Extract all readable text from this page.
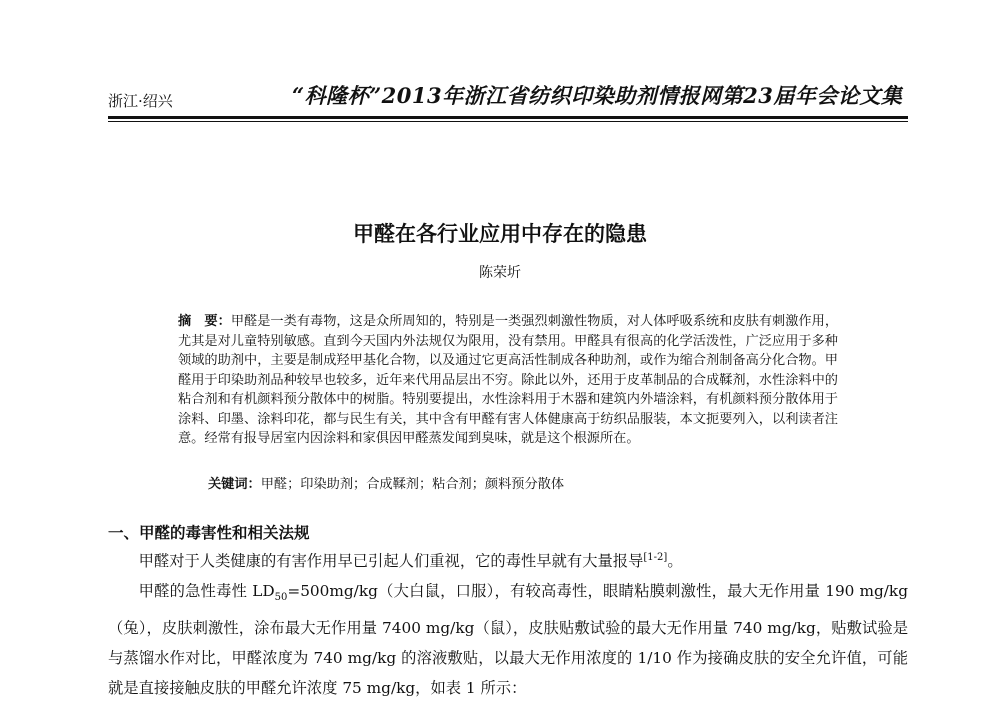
浙江·绍兴	“科隆杯”2013年浙江省纺织印染助剂情报网第23届年会论文集
甲醛在各行业应用中存在的隐患
陈荣圻
摘　要：甲醛是一类有毒物，这是众所周知的，特别是一类强烈刺激性物质，对人体呼吸系统和皮肤有刺激作用，尤其是对儿童特别敏感。直到今天国内外法规仅为限用，没有禁用。甲醛具有很高的化学活泼性，广泛应用于多种领域的助剂中，主要是制成羟甲基化合物，以及通过它更高活性制成各种助剂，或作为缩合剂制备高分化合物。甲醛用于印染助剂品种较早也较多，近年来代用品层出不穷。除此以外，还用于皮革制品的合成鞣剂，水性涂料中的粘合剂和有机颜料预分散体中的树脂。特别要提出，水性涂料用于木器和建筑内外墙涂料，有机颜料预分散体用于涂料、印墨、涂料印花，都与民生有关，其中含有甲醛有害人体健康高于纺织品服装，本文扼要列入，以利读者注意。经常有报导居室内因涂料和家俱因甲醛蒸发闻到臭味，就是这个根源所在。
关键词：甲醛；印染助剂；合成鞣剂；粘合剂；颜料预分散体
一、甲醛的毒害性和相关法规

甲醛对于人类健康的有害作用早已引起人们重视，它的毒性早就有大量报导[1-2]。

甲醛的急性毒性 $LD_{50}=500mg/kg$（大白鼠，口服），有较高毒性，眼睛粘膜刺激性，最大无作用量 190 mg/kg（兔），皮肤刺激性，涂布最大无作用量 7400 mg/kg（鼠），皮肤贴敷试验的最大无作用量 740 mg/kg，贴敷试验是与蒸馏水作对比，甲醛浓度为 740 mg/kg 的溶液敷贴，以最大无作用浓度的 1/10 作为接确皮肤的安全允许值，可能就是直接接触皮肤的甲醛允许浓度 75 mg/kg，如表 1 所示：
